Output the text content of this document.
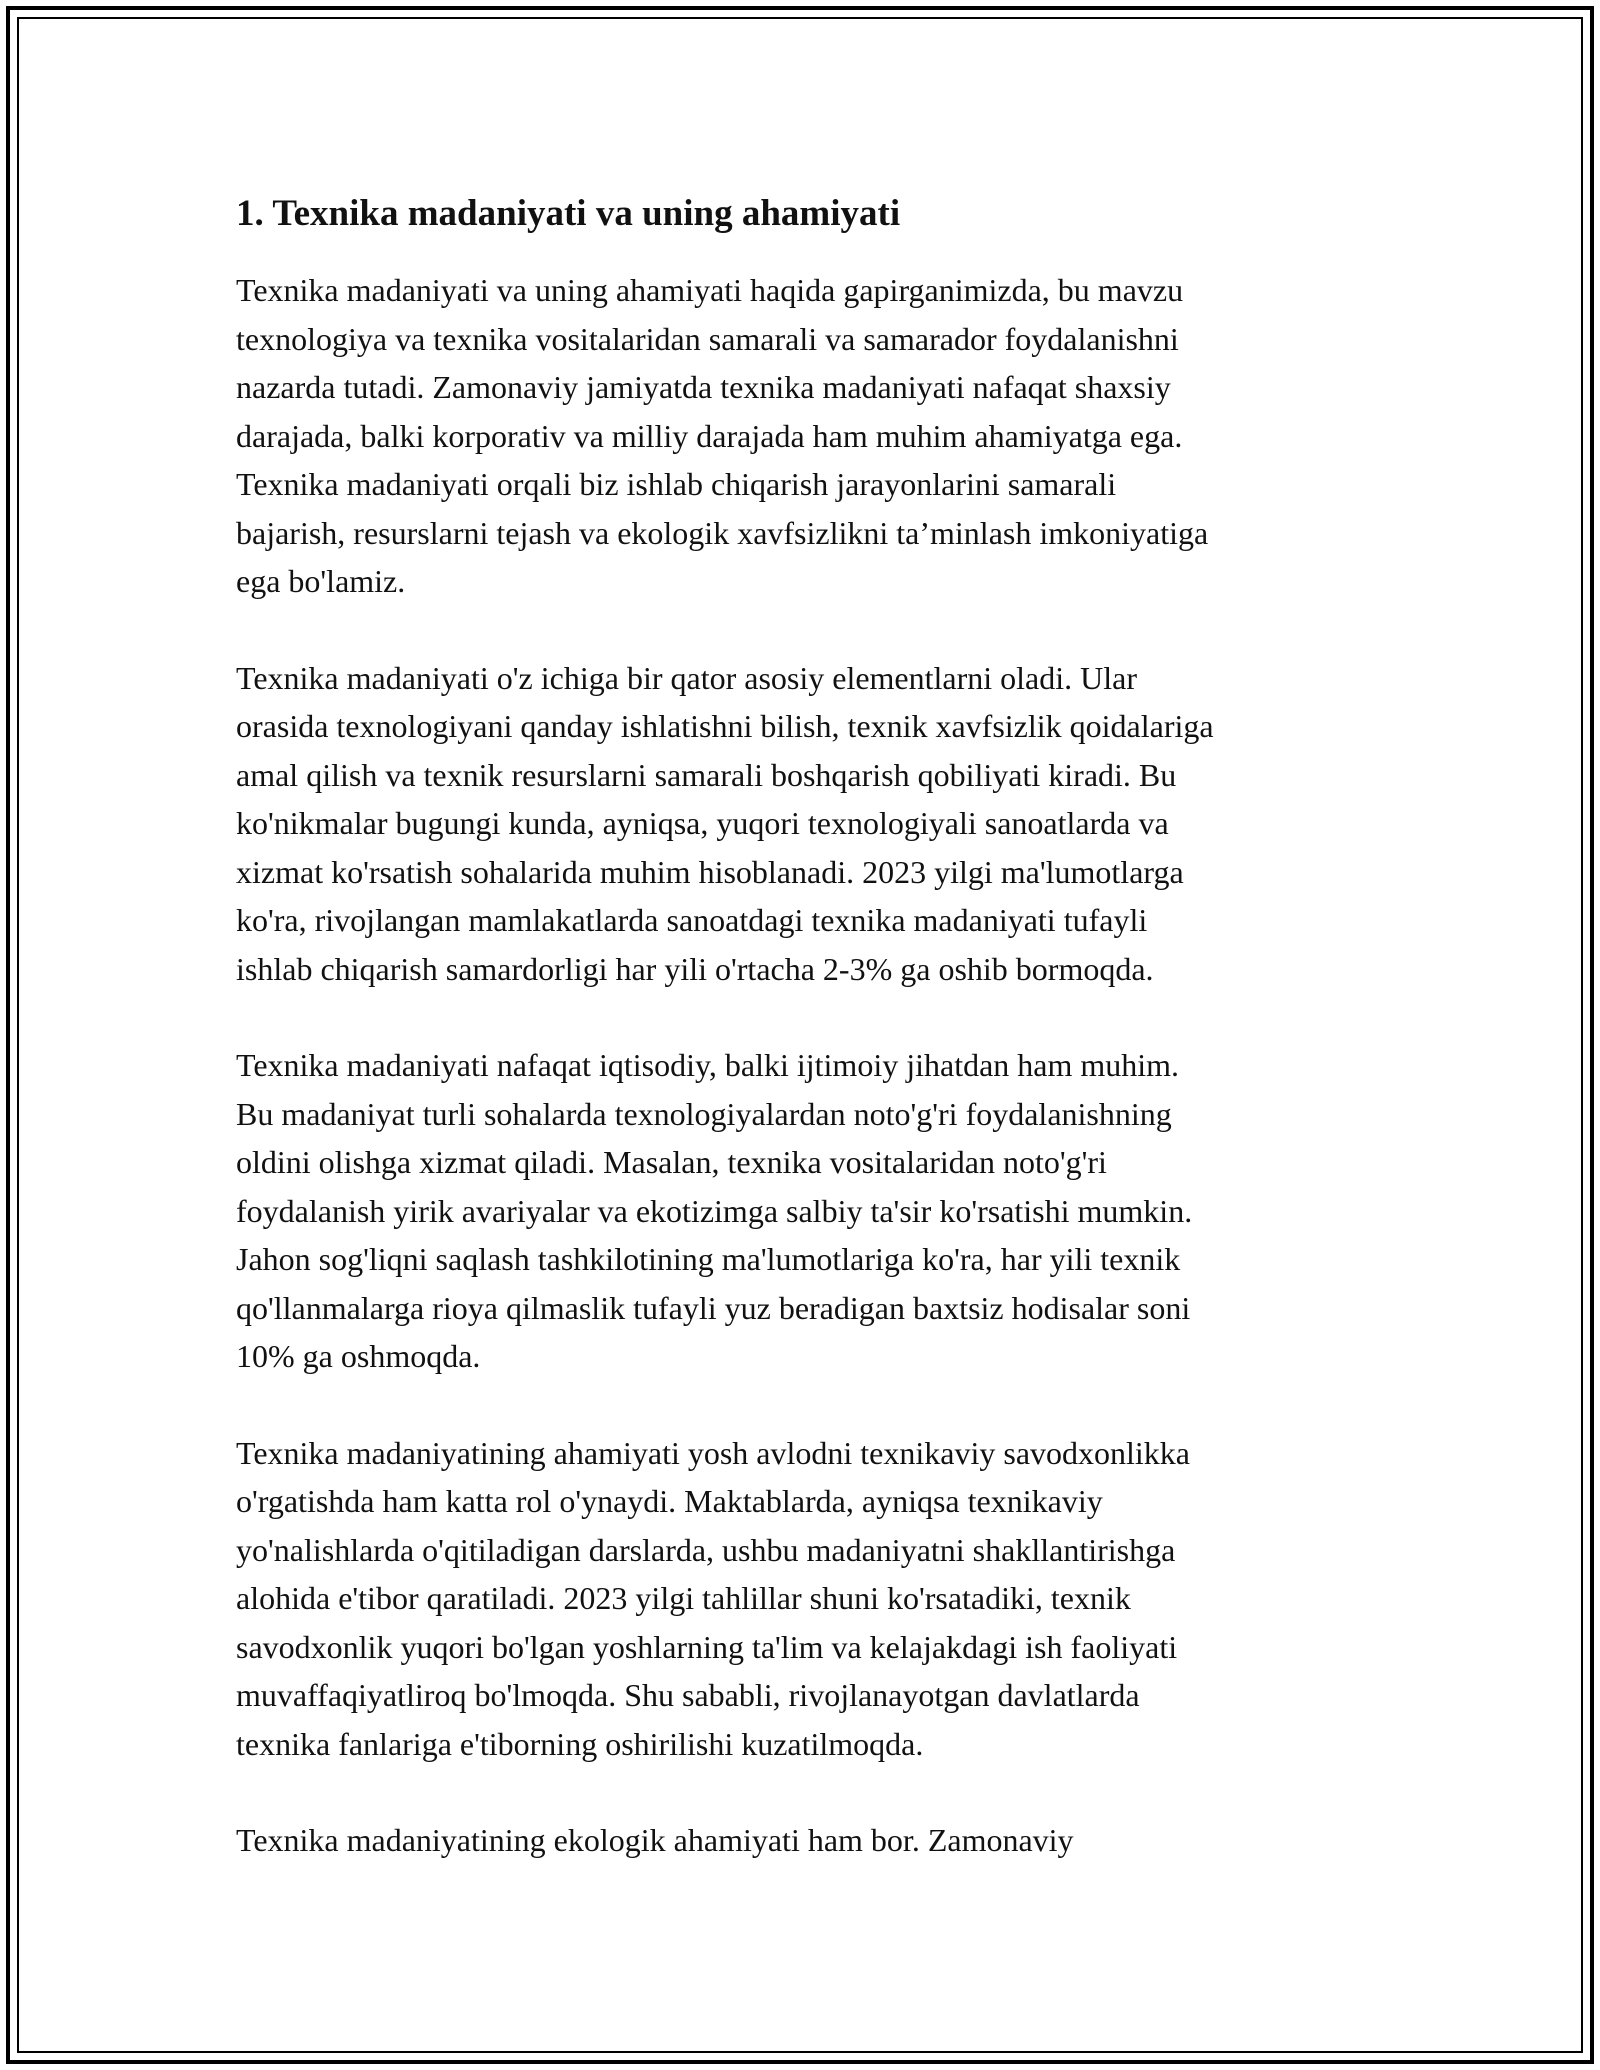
1. Texnika madaniyati va uning ahamiyati

Texnika madaniyati va uning ahamiyati haqida gapirganimizda, bu mavzu
texnologiya va texnika vositalaridan samarali va samarador foydalanishni
nazarda tutadi. Zamonaviy jamiyatda texnika madaniyati nafaqat shaxsiy
darajada, balki korporativ va milliy darajada ham muhim ahamiyatga ega.
Texnika madaniyati orqali biz ishlab chiqarish jarayonlarini samarali
bajarish, resurslarni tejash va ekologik xavfsizlikni ta’minlash imkoniyatiga
ega bo'lamiz.

Texnika madaniyati o'z ichiga bir qator asosiy elementlarni oladi. Ular
orasida texnologiyani qanday ishlatishni bilish, texnik xavfsizlik qoidalariga
amal qilish va texnik resurslarni samarali boshqarish qobiliyati kiradi. Bu
ko'nikmalar bugungi kunda, ayniqsa, yuqori texnologiyali sanoatlarda va
xizmat ko'rsatish sohalarida muhim hisoblanadi. 2023 yilgi ma'lumotlarga
ko'ra, rivojlangan mamlakatlarda sanoatdagi texnika madaniyati tufayli
ishlab chiqarish samardorligi har yili o'rtacha 2-3% ga oshib bormoqda.

Texnika madaniyati nafaqat iqtisodiy, balki ijtimoiy jihatdan ham muhim.
Bu madaniyat turli sohalarda texnologiyalardan noto'g'ri foydalanishning
oldini olishga xizmat qiladi. Masalan, texnika vositalaridan noto'g'ri
foydalanish yirik avariyalar va ekotizimga salbiy ta'sir ko'rsatishi mumkin.
Jahon sog'liqni saqlash tashkilotining ma'lumotlariga ko'ra, har yili texnik
qo'llanmalarga rioya qilmaslik tufayli yuz beradigan baxtsiz hodisalar soni
10% ga oshmoqda.

Texnika madaniyatining ahamiyati yosh avlodni texnikaviy savodxonlikka
o'rgatishda ham katta rol o'ynaydi. Maktablarda, ayniqsa texnikaviy
yo'nalishlarda o'qitiladigan darslarda, ushbu madaniyatni shakllantirishga
alohida e'tibor qaratiladi. 2023 yilgi tahlillar shuni ko'rsatadiki, texnik
savodxonlik yuqori bo'lgan yoshlarning ta'lim va kelajakdagi ish faoliyati
muvaffaqiyatliroq bo'lmoqda. Shu sababli, rivojlanayotgan davlatlarda
texnika fanlariga e'tiborning oshirilishi kuzatilmoqda.

Texnika madaniyatining ekologik ahamiyati ham bor. Zamonaviy
